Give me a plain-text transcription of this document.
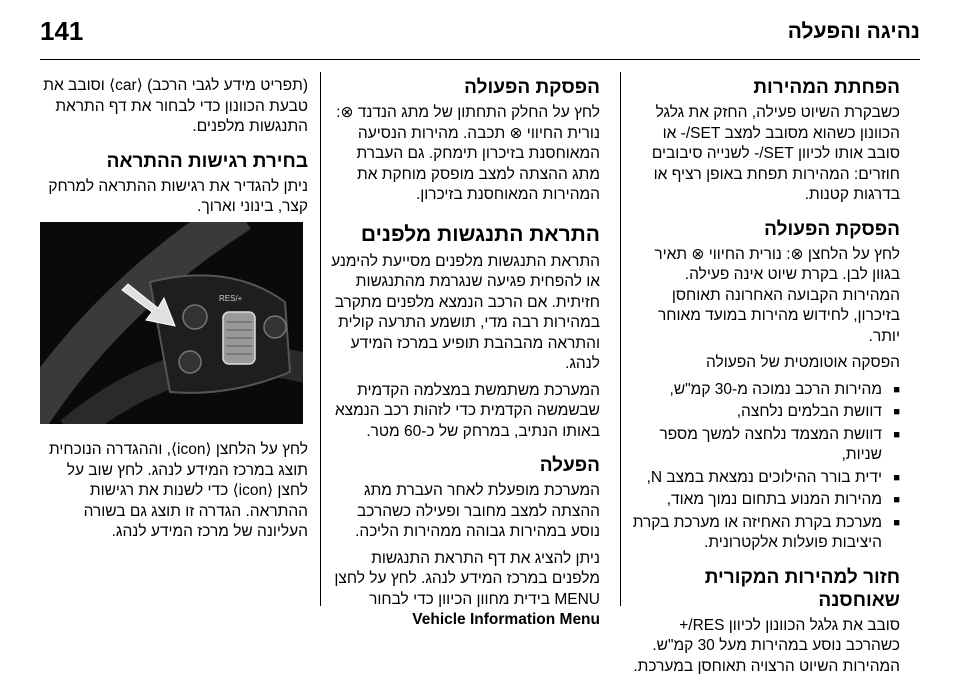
141	נהיגה והפעלה
הפחתת המהירות

כשבקרת השיוט פעילה, החזק את גלגל הכוונון כשהוא מסובב למצב SET/- או סובב אותו לכיוון SET/- לשנייה סיבובים חוזרים: המהירות תפחת באופן רציף או בדרגות קטנות.

הפסקת הפעולה

לחץ על הלחצן ⊗: נורית החיווי ⊗ תאיר בגוון לבן. בקרת שיוט אינה פעילה. המהירות הקבועה האחרונה תאוחסן בזיכרון, לחידוש מהירות במועד מאוחר יותר.

הפסקה אוטומטית של הפעולה

■
מהירות הרכב נמוכה מ-30 קמ"ש,
■
דוושת הבלמים נלחצה,
■
דוושת המצמד נלחצה למשך מספר שניות,
■
ידית בורר ההילוכים נמצאת במצב N,
■
מהירות המנוע בתחום נמוך מאוד,
■
מערכת בקרת האחיזה או מערכת בקרת היציבות פועלות אלקטרונית.
חזור למהירות המקורית שאוחסנה

סובב את גלגל הכוונון לכיוון RES/+ כשהרכב נוסע במהירות מעל 30 קמ"ש. המהירות השיוט הרצויה תאוחסן במערכת.

הפסקת הפעולה

לחץ על החלק התחתון של מתג הנדנד ⊗: נורית החיווי ⊗ תכבה. מהירות הנסיעה המאוחסנת בזיכרון תימחק. גם העברת מתג ההצתה למצב מופסק מוחקת את המהירות המאוחסנת בזיכרון.

התראת התנגשות מלפנים

התראת התנגשות מלפנים מסייעת להימנע או להפחית פגיעה שנגרמת מהתנגשות חזיתית. אם הרכב הנמצא מלפנים מתקרב במהירות רבה מדי, תושמע התרעה קולית והתראה מהבהבת תופיע במרכז המידע לנהג.

המערכת משתמשת במצלמה הקדמית שבשמשה הקדמית כדי לזהות רכב הנמצא באותו הנתיב, במרחק של כ-60 מטר.

הפעלה

המערכת מופעלת לאחר העברת מתג ההצתה למצב מחובר ופעילה כשהרכב נוסע במהירות גבוהה ממהירות הליכה.

ניתן להציג את דף התראת התנגשות מלפנים במרכז המידע לנהג. לחץ על לחצן MENU בידית מחוון הכיוון כדי לבחור
Vehicle Information Menu

(תפריט מידע לגבי הרכב) ⟨car⟩ וסובב את טבעת הכוונון כדי לבחור את דף התראת התנגשות מלפנים.

בחירת רגישות ההתראה

ניתן להגדיר את רגישות ההתראה למרחק קצר, בינוני וארוך.

RES/+

לחץ על הלחצן ⟨icon⟩, וההגדרה הנוכחית תוצג במרכז המידע לנהג. לחץ שוב על לחצן ⟨icon⟩ כדי לשנות את רגישות ההתראה. הגדרה זו תוצג גם בשורה העליונה של מרכז המידע לנהג.
